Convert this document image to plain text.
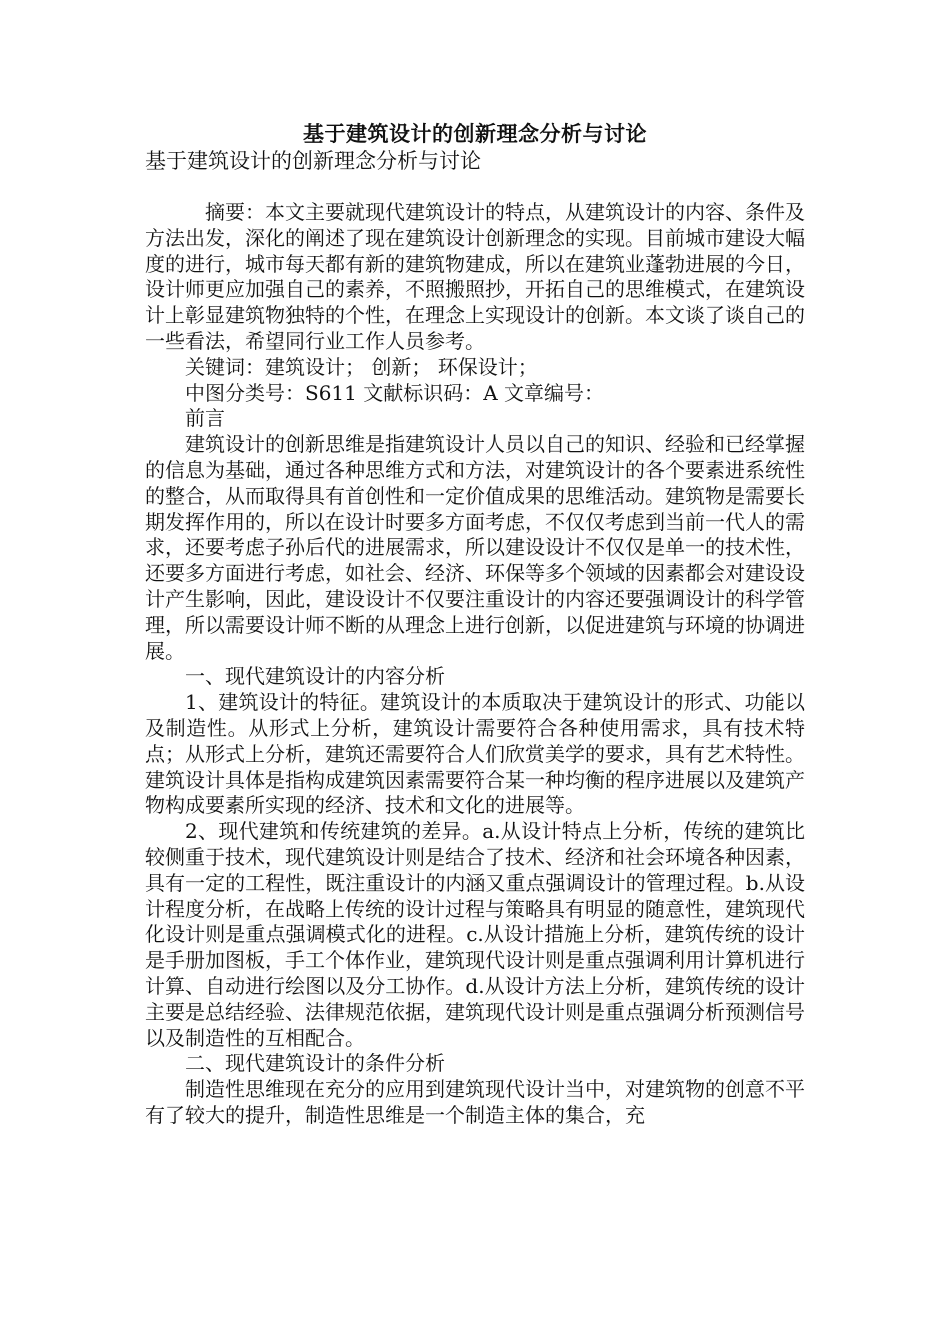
基于建筑设计的创新理念分析与讨论

基于建筑设计的创新理念分析与讨论

摘要：本文主要就现代建筑设计的特点，从建筑设计的内容、条件及方法出发，深化的阐述了现在建筑设计创新理念的实现。目前城市建设大幅度的进行，城市每天都有新的建筑物建成，所以在建筑业蓬勃进展的今日，设计师更应加强自己的素养，不照搬照抄，开拓自己的思维模式，在建筑设计上彰显建筑物独特的个性，在理念上实现设计的创新。本文谈了谈自己的一些看法，希望同行业工作人员参考。

关键词：建筑设计； 创新； 环保设计；

中图分类号：S611 文献标识码：A 文章编号：

前言

建筑设计的创新思维是指建筑设计人员以自己的知识、经验和已经掌握的信息为基础，通过各种思维方式和方法，对建筑设计的各个要素进系统性的整合，从而取得具有首创性和一定价值成果的思维活动。建筑物是需要长期发挥作用的，所以在设计时要多方面考虑，不仅仅考虑到当前一代人的需求，还要考虑子孙后代的进展需求，所以建设设计不仅仅是单一的技术性，还要多方面进行考虑，如社会、经济、环保等多个领域的因素都会对建设设计产生影响，因此，建设设计不仅要注重设计的内容还要强调设计的科学管理，所以需要设计师不断的从理念上进行创新，以促进建筑与环境的协调进展。

一、现代建筑设计的内容分析

1、建筑设计的特征。建筑设计的本质取决于建筑设计的形式、功能以及制造性。从形式上分析，建筑设计需要符合各种使用需求，具有技术特点；从形式上分析，建筑还需要符合人们欣赏美学的要求，具有艺术特性。建筑设计具体是指构成建筑因素需要符合某一种均衡的程序进展以及建筑产物构成要素所实现的经济、技术和文化的进展等。

2、现代建筑和传统建筑的差异。a.从设计特点上分析，传统的建筑比较侧重于技术，现代建筑设计则是结合了技术、经济和社会环境各种因素，具有一定的工程性，既注重设计的内涵又重点强调设计的管理过程。b.从设计程度分析，在战略上传统的设计过程与策略具有明显的随意性，建筑现代化设计则是重点强调模式化的进程。c.从设计措施上分析，建筑传统的设计是手册加图板，手工个体作业，建筑现代设计则是重点强调利用计算机进行计算、自动进行绘图以及分工协作。d.从设计方法上分析，建筑传统的设计主要是总结经验、法律规范依据，建筑现代设计则是重点强调分析预测信号以及制造性的互相配合。

二、现代建筑设计的条件分析

制造性思维现在充分的应用到建筑现代设计当中，对建筑物的创意不平有了较大的提升，制造性思维是一个制造主体的集合，充
